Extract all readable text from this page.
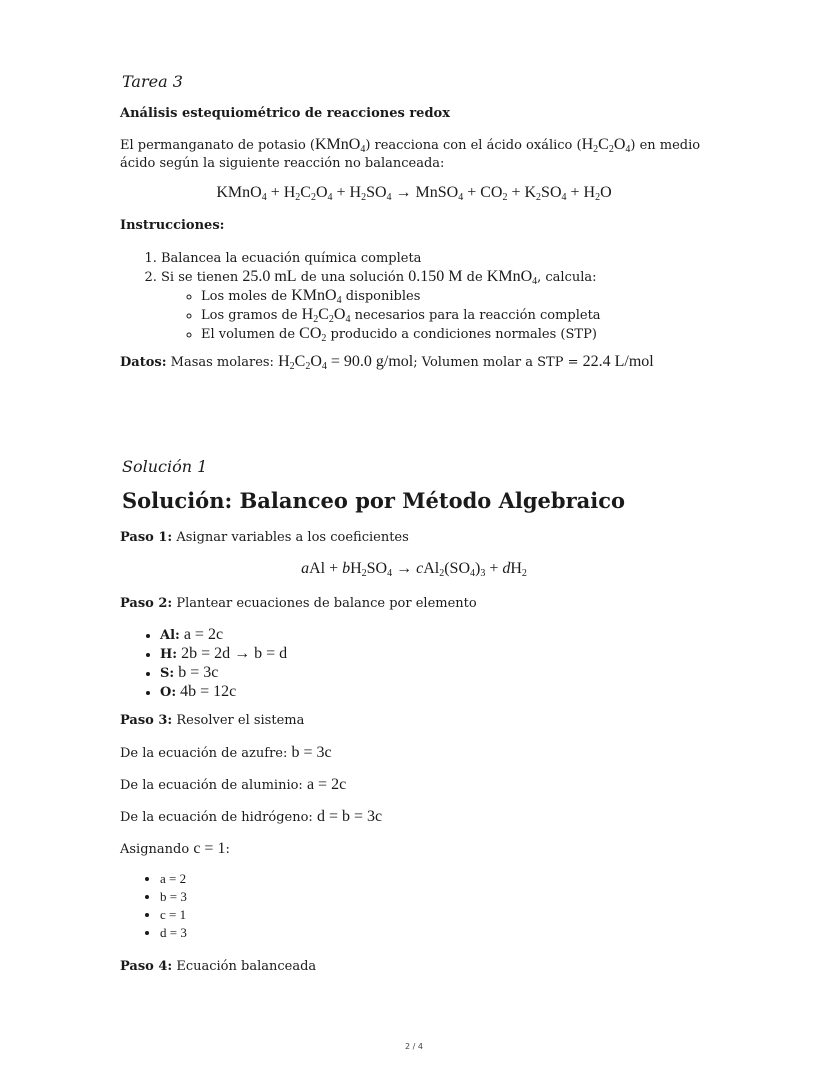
Tarea 3
Análisis estequiométrico de reacciones redox
El permanganato de potasio (KMnO$_4$) reacciona con el ácido oxálico $(H_2C_2O_4)$ en medio ácido según la siguiente reacción no balanceada:
KMnO$_4$ + $H_2C_2O_4 + H_2SO_4$ → MnSO$_4$ + $CO_2 + K_2SO_4 + H_2O$
Instrucciones:
1. Balancea la ecuación química completa
2. Si se tienen 25.0 mL de una solución 0.150 M de KMnO$_4$, calcula:
◦ Los moles de KMnO$_4$ disponibles
◦ Los gramos de $H_2C_2O_4$ necesarios para la reacción completa
◦ El volumen de $CO_2$ producido a condiciones normales (STP)
Datos: Masas molares: $H_2C_2O_4 = 90.0$ g/mol; Volumen molar a STP = 22.4 L/mol
Solución 1
Solución: Balanceo por Método Algebraico
Paso 1: Asignar variables a los coeficientes
aAl + $bH_2SO_4 \to cAl_2(SO_4)_3 + dH_2$
Paso 2: Plantear ecuaciones de balance por elemento
• Al: a = 2c
• H: 2b = 2d → b = d
• S: b = 3c
• O: 4b = 12c
Paso 3: Resolver el sistema
De la ecuación de azufre: b = 3c
De la ecuación de aluminio: a = 2c
De la ecuación de hidrógeno: d = b = 3c
Asignando c = 1:
• a = 2
• b = 3
• c = 1
• d = 3
Paso 4: Ecuación balanceada
2 / 4
